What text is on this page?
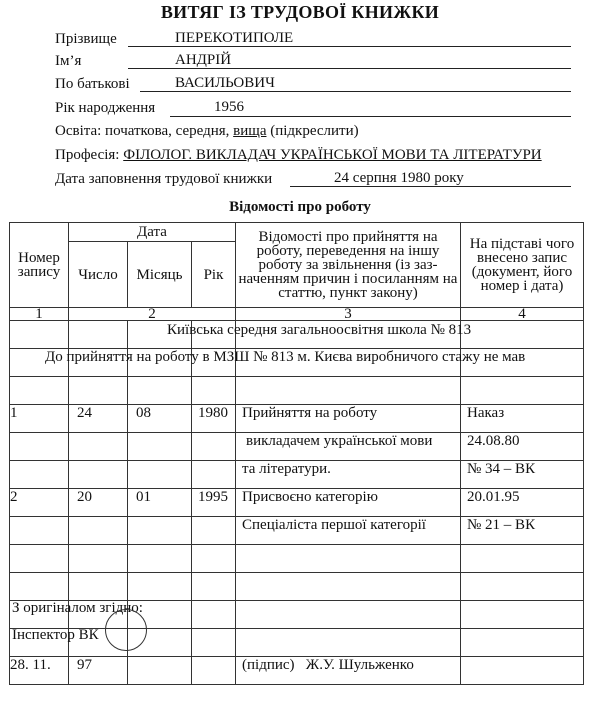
ВИТЯГ ІЗ ТРУДОВОЇ КНИЖКИ
Прізвище	ПЕРЕКОТИПОЛЕ
Ім’я	АНДРІЙ
По батькові	ВАСИЛЬОВИЧ
Рік народження	1956
Освіта: початкова, середня, вища (підкреслити)
Професія: ФІЛОЛОГ. ВИКЛАДАЧ УКРАЇНСЬКОЇ МОВИ ТА ЛІТЕРАТУРИ
Дата заповнення трудової книжки	24 серпня 1980 року
Відомості про роботу
Номер запису	Дата			Відомості про прийняття на роботу, переведення на іншу роботу за звільнення (із заз-наченням причин і посиланням на статтю, пункт закону)	На підставі чого внесено запис (документ, його номер і дата)
	Число	Місяць	Рік		
1	2			3	4

1	24	08	1980	Прийняття на роботу	Наказ
				викладачем української мови	24.08.80
				та літератури.	№ 34 – ВК
2	20	01	1995	Присвоєно категорію	20.01.95
				Спеціаліста першої категорії	№ 21 – ВК

28. 11.	97			(підпис) Ж.У. Шульженко	
Київська середня загальноосвітня школа № 813
До прийняття на роботу в МЗШ № 813 м. Києва виробничого стажу не мав
З оригіналом згідно:
Інспектор ВК
